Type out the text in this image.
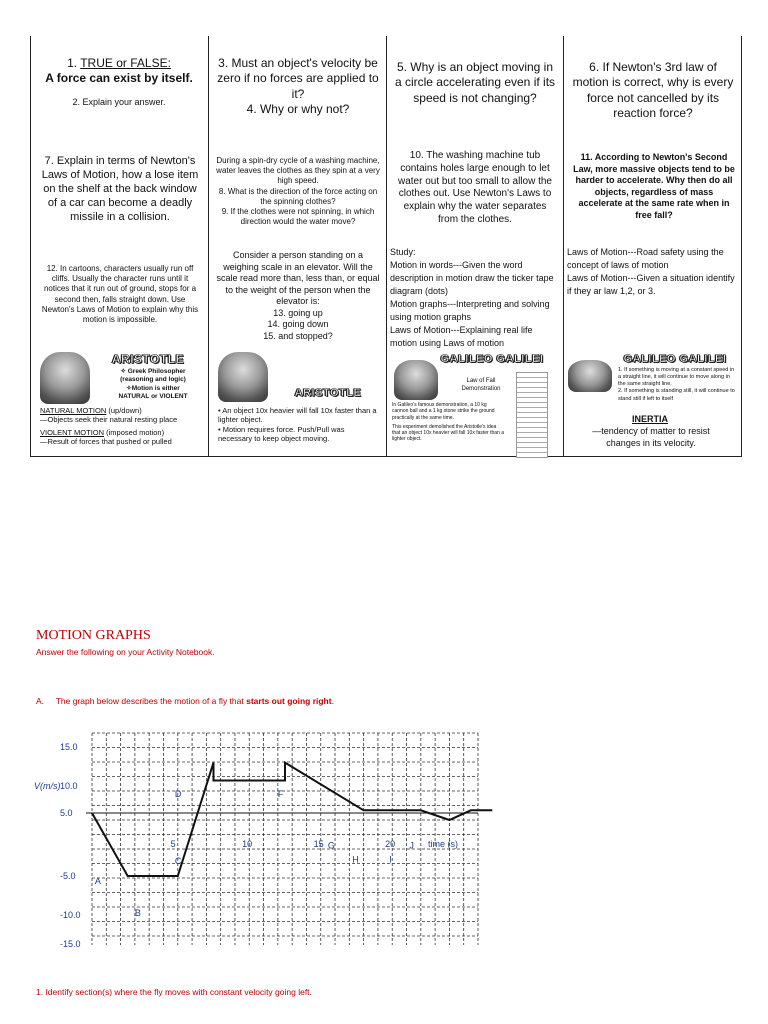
1. TRUE or FALSE:

A force can exist by itself.

2. Explain your answer.

3. Must an object's velocity be zero if no forces are applied to it?

4. Why or why not?

5. Why is an object moving in a circle accelerating even if its speed is not changing?

6. If Newton's 3rd law of motion is correct, why is every force not cancelled by its reaction force?

7. Explain in terms of Newton's Laws of Motion, how a lose item on the shelf at the back window of a car can become a deadly missile in a collision.

During a spin-dry cycle of a washing machine, water leaves the clothes as they spin at a very high speed.

8. What is the direction of the force acting on the spinning clothes?

9. If the clothes were not spinning, in which direction would the water move?

10. The washing machine tub contains holes large enough to let water out but too small to allow the clothes out. Use Newton's Laws to explain why the water separates from the clothes.

11. According to Newton's Second Law, more massive objects tend to be harder to accelerate. Why then do all objects, regardless of mass accelerate at the same rate when in free fall?

12. In cartoons, characters usually run off cliffs. Usually the character runs until it notices that it run out of ground, stops for a second then, falls straight down. Use Newton's Laws of Motion to explain why this motion is impossible.

Consider a person standing on a weighing scale in an elevator. Will the scale read more than, less than, or equal to the weight of the person when the elevator is:

13. going up

14. going down

15. and stopped?

Study:

Motion in words---Given the word description in motion draw the ticker tape diagram (dots)

Motion graphs---Interpreting and solving using motion graphs

Laws of Motion---Explaining real life motion using Laws of motion

Laws of Motion---Road safety using the concept of laws of motion

Laws of Motion---Given a situation identify if they ar law 1,2, or 3.

ARISTOTLE

✧ Greek Philosopher

(reasoning and logic)

✧Motion is either

NATURAL or VIOLENT

NATURAL MOTION (up/down)

—Objects seek their natural resting place

VIOLENT MOTION (imposed motion)

—Result of forces that pushed or pulled

ARISTOTLE

• An object 10x heavier will fall 10x faster than a lighter object.

• Motion requires force. Push/Pull was necessary to keep object moving.

GALILEO GALILEI
Law of Fall Demonstration

In Galileo's famous demonstration, a 10 kg cannon ball and a 1 kg stone strike the ground practically at the same time.

This experiment demolished the Aristotle's idea that an object 10x heavier will fall 10x faster than a lighter object.

GALILEO GALILEI

1. If something is moving at a constant speed in a straight line, it will continue to move along in the same straight line.

2. If something is standing still, it will continue to stand still if left to itself

INERTIA
—tendency of matter to resist changes in its velocity.
MOTION GRAPHS
Answer the following on your Activity Notebook.
A. The graph below describes the motion of a fly that starts out going right.
15.0
10.0
5.0
-5.0
-10.0
-15.0
V(m/s)
5	10	15	20	time (s)
A
B
C
D	F
G
H	I
J
1. Identify section(s) where the fly moves with constant velocity going left.
